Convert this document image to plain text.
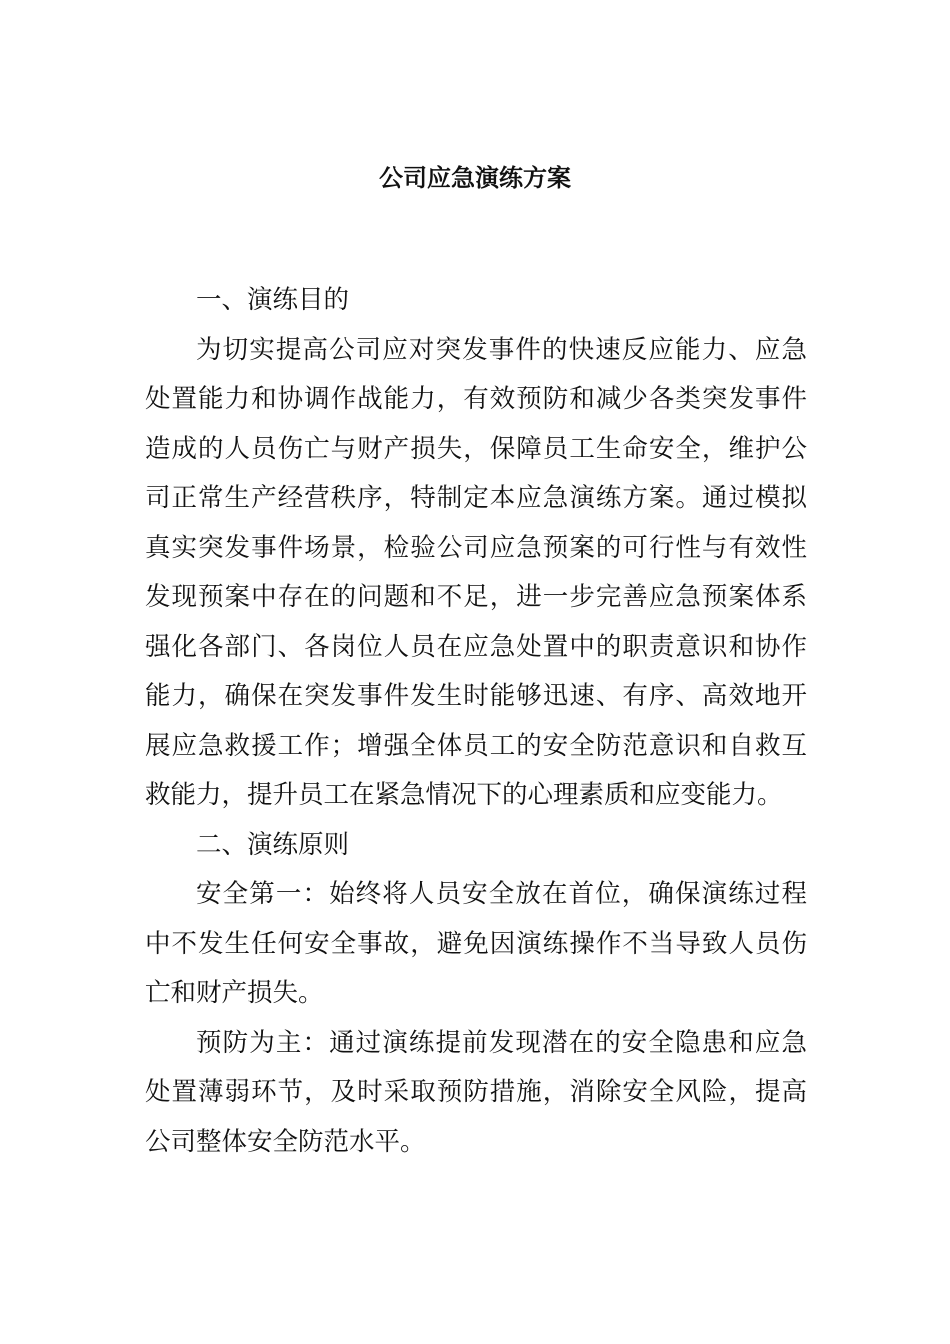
公司应急演练方案

一、演练目的

为切实提高公司应对突发事件的快速反应能力、应急处置能力和协调作战能力，有效预防和减少各类突发事件造成的人员伤亡与财产损失，保障员工生命安全，维护公司正常生产经营秩序，特制定本应急演练方案。通过模拟真实突发事件场景，检验公司应急预案的可行性与有效性发现预案中存在的问题和不足，进一步完善应急预案体系强化各部门、各岗位人员在应急处置中的职责意识和协作能力，确保在突发事件发生时能够迅速、有序、高效地开展应急救援工作；增强全体员工的安全防范意识和自救互救能力，提升员工在紧急情况下的心理素质和应变能力。

二、演练原则

安全第一：始终将人员安全放在首位，确保演练过程中不发生任何安全事故，避免因演练操作不当导致人员伤亡和财产损失。

预防为主：通过演练提前发现潜在的安全隐患和应急处置薄弱环节，及时采取预防措施，消除安全风险，提高公司整体安全防范水平。
